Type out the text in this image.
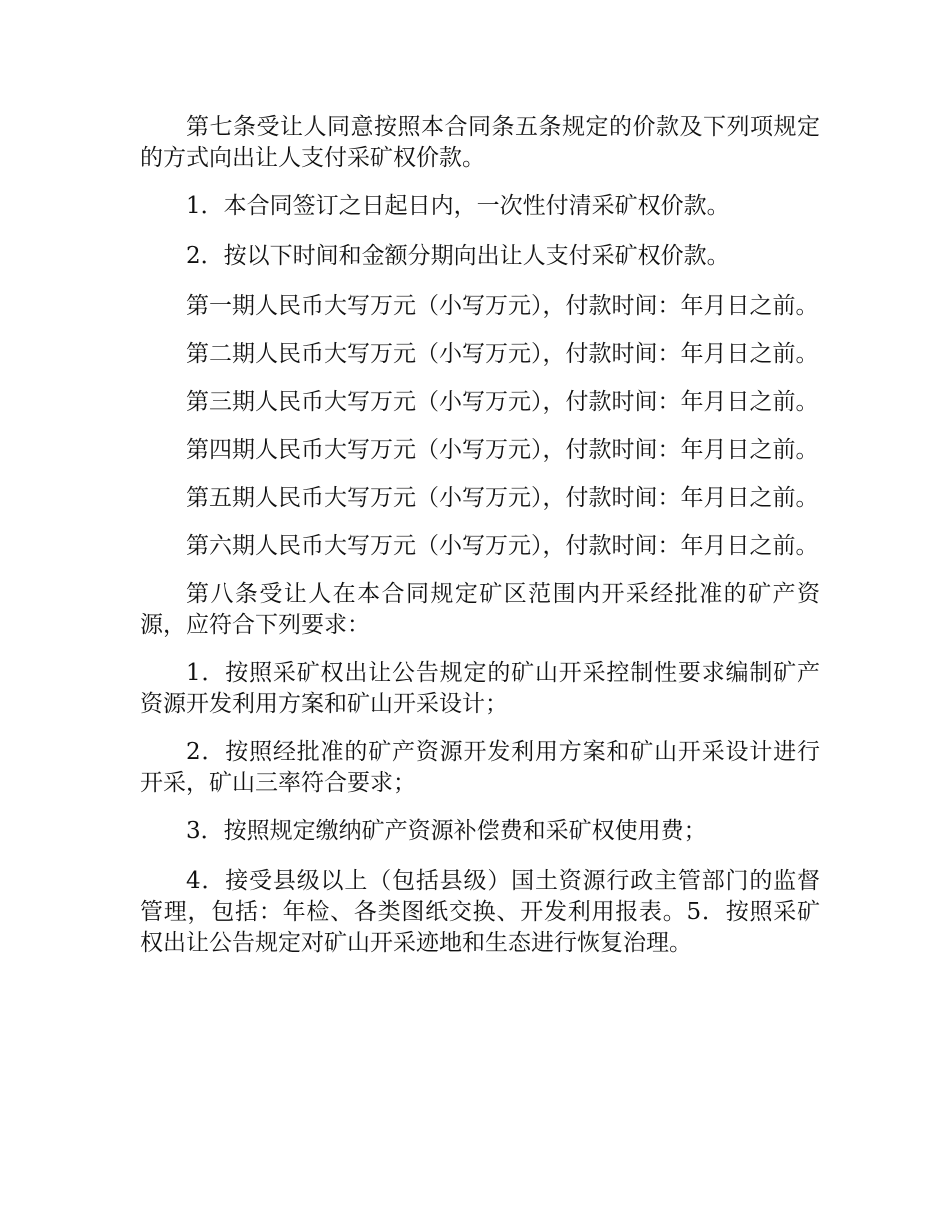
第七条受让人同意按照本合同条五条规定的价款及下列项规定的方式向出让人支付采矿权价款。

1．本合同签订之日起日内，一次性付清采矿权价款。

2．按以下时间和金额分期向出让人支付采矿权价款。

第一期人民币大写万元（小写万元），付款时间：年月日之前。

第二期人民币大写万元（小写万元），付款时间：年月日之前。

第三期人民币大写万元（小写万元），付款时间：年月日之前。

第四期人民币大写万元（小写万元），付款时间：年月日之前。

第五期人民币大写万元（小写万元），付款时间：年月日之前。

第六期人民币大写万元（小写万元），付款时间：年月日之前。

第八条受让人在本合同规定矿区范围内开采经批准的矿产资源，应符合下列要求：

1．按照采矿权出让公告规定的矿山开采控制性要求编制矿产资源开发利用方案和矿山开采设计；

2．按照经批准的矿产资源开发利用方案和矿山开采设计进行开采，矿山三率符合要求；

3．按照规定缴纳矿产资源补偿费和采矿权使用费；

4．接受县级以上（包括县级）国土资源行政主管部门的监督管理，包括：年检、各类图纸交换、开发利用报表。5．按照采矿权出让公告规定对矿山开采迹地和生态进行恢复治理。
